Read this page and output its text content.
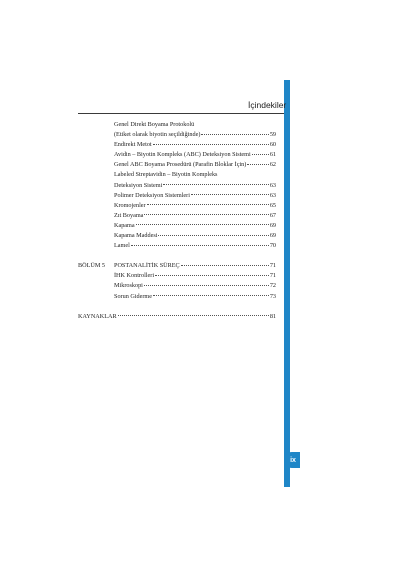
İçindekiler
Genel Direkt Boyama Protokolü
(Etiket olarak biyotin seçildiğinde)	59
Endirekt Metot	60
Avidin – Biyotin Kompleks (ABC) Deteksiyon Sistemi	61
Genel ABC Boyama Prosedürü (Parafin Bloklar İçin)	62
Labeled Streptavidin – Biyotin Kompleks
Deteksiyon Sistemi	63
Polimer Deteksiyon Sistemleri	63
Kromojenler	65
Zıt Boyama	67
Kapama	69
Kapama Maddesi	69
Lamel	70
BÖLÜM 5 POSTANALİTİK SÜREÇ	71
İHK Kontrolleri	71
Mikroskopi	72
Sorun Giderme	73
KAYNAKLAR	81
ix
